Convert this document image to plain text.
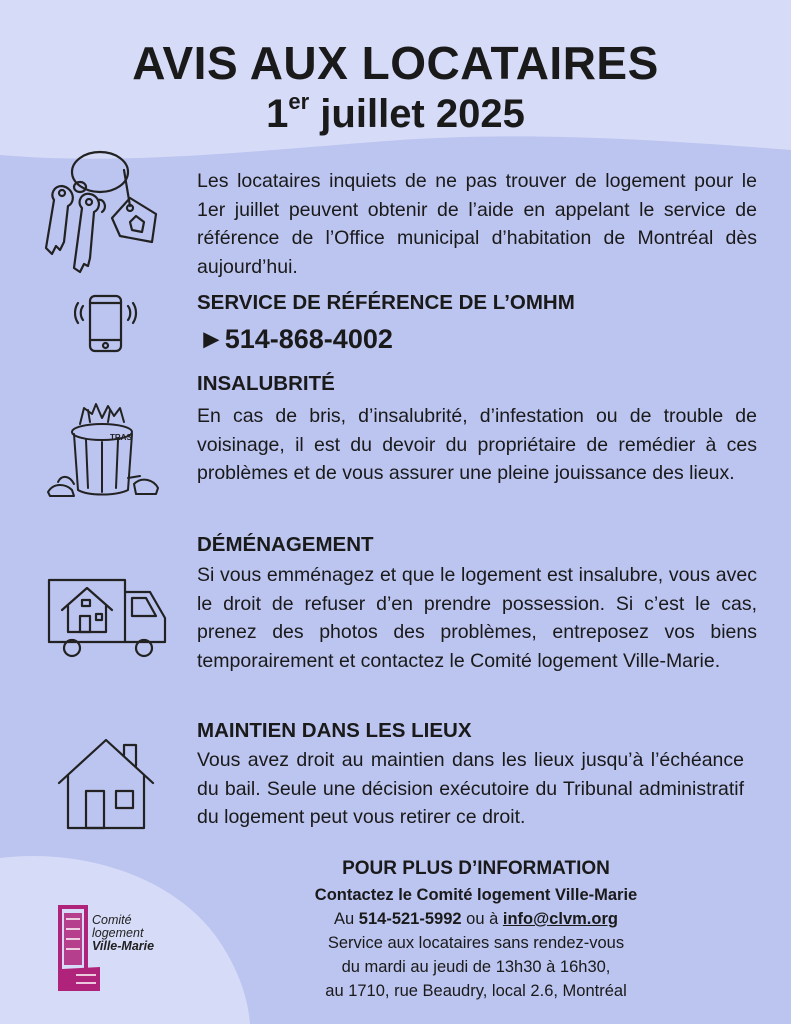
AVIS AUX LOCATAIRES
1er juillet 2025

Les locataires inquiets de ne pas trouver de logement pour le 1er juillet peuvent obtenir de l’aide en appelant le service de référence de l’Office municipal d’habitation de Montréal dès aujourd’hui.

SERVICE DE RÉFÉRENCE DE L’OMHM

►514-868-4002

TRAS
INSALUBRITÉ

En cas de bris, d’insalubrité, d’infestation ou de trouble de voisinage, il est du devoir du propriétaire de remédier à ces problèmes et de vous assurer une pleine jouissance des lieux.

DÉMÉNAGEMENT

Si vous emménagez et que le logement est insalubre, vous avec le droit de refuser d’en prendre possession. Si c’est le cas, prenez des photos des problèmes, entreposez vos biens temporairement et contactez le Comité logement Ville-Marie.

MAINTIEN DANS LES LIEUX

Vous avez droit au maintien dans les lieux jusqu’à l’échéance du bail. Seule une décision exécutoire du Tribunal administratif du logement peut vous retirer ce droit.

POUR PLUS D’INFORMATION
Contactez le Comité logement Ville-Marie
Au 514-521-5992 ou à info@clvm.org
Service aux locataires sans rendez-vous
du mardi au jeudi de 13h30 à 16h30,
au 1710, rue Beaudry, local 2.6, Montréal
Comité
logement
Ville-Marie
